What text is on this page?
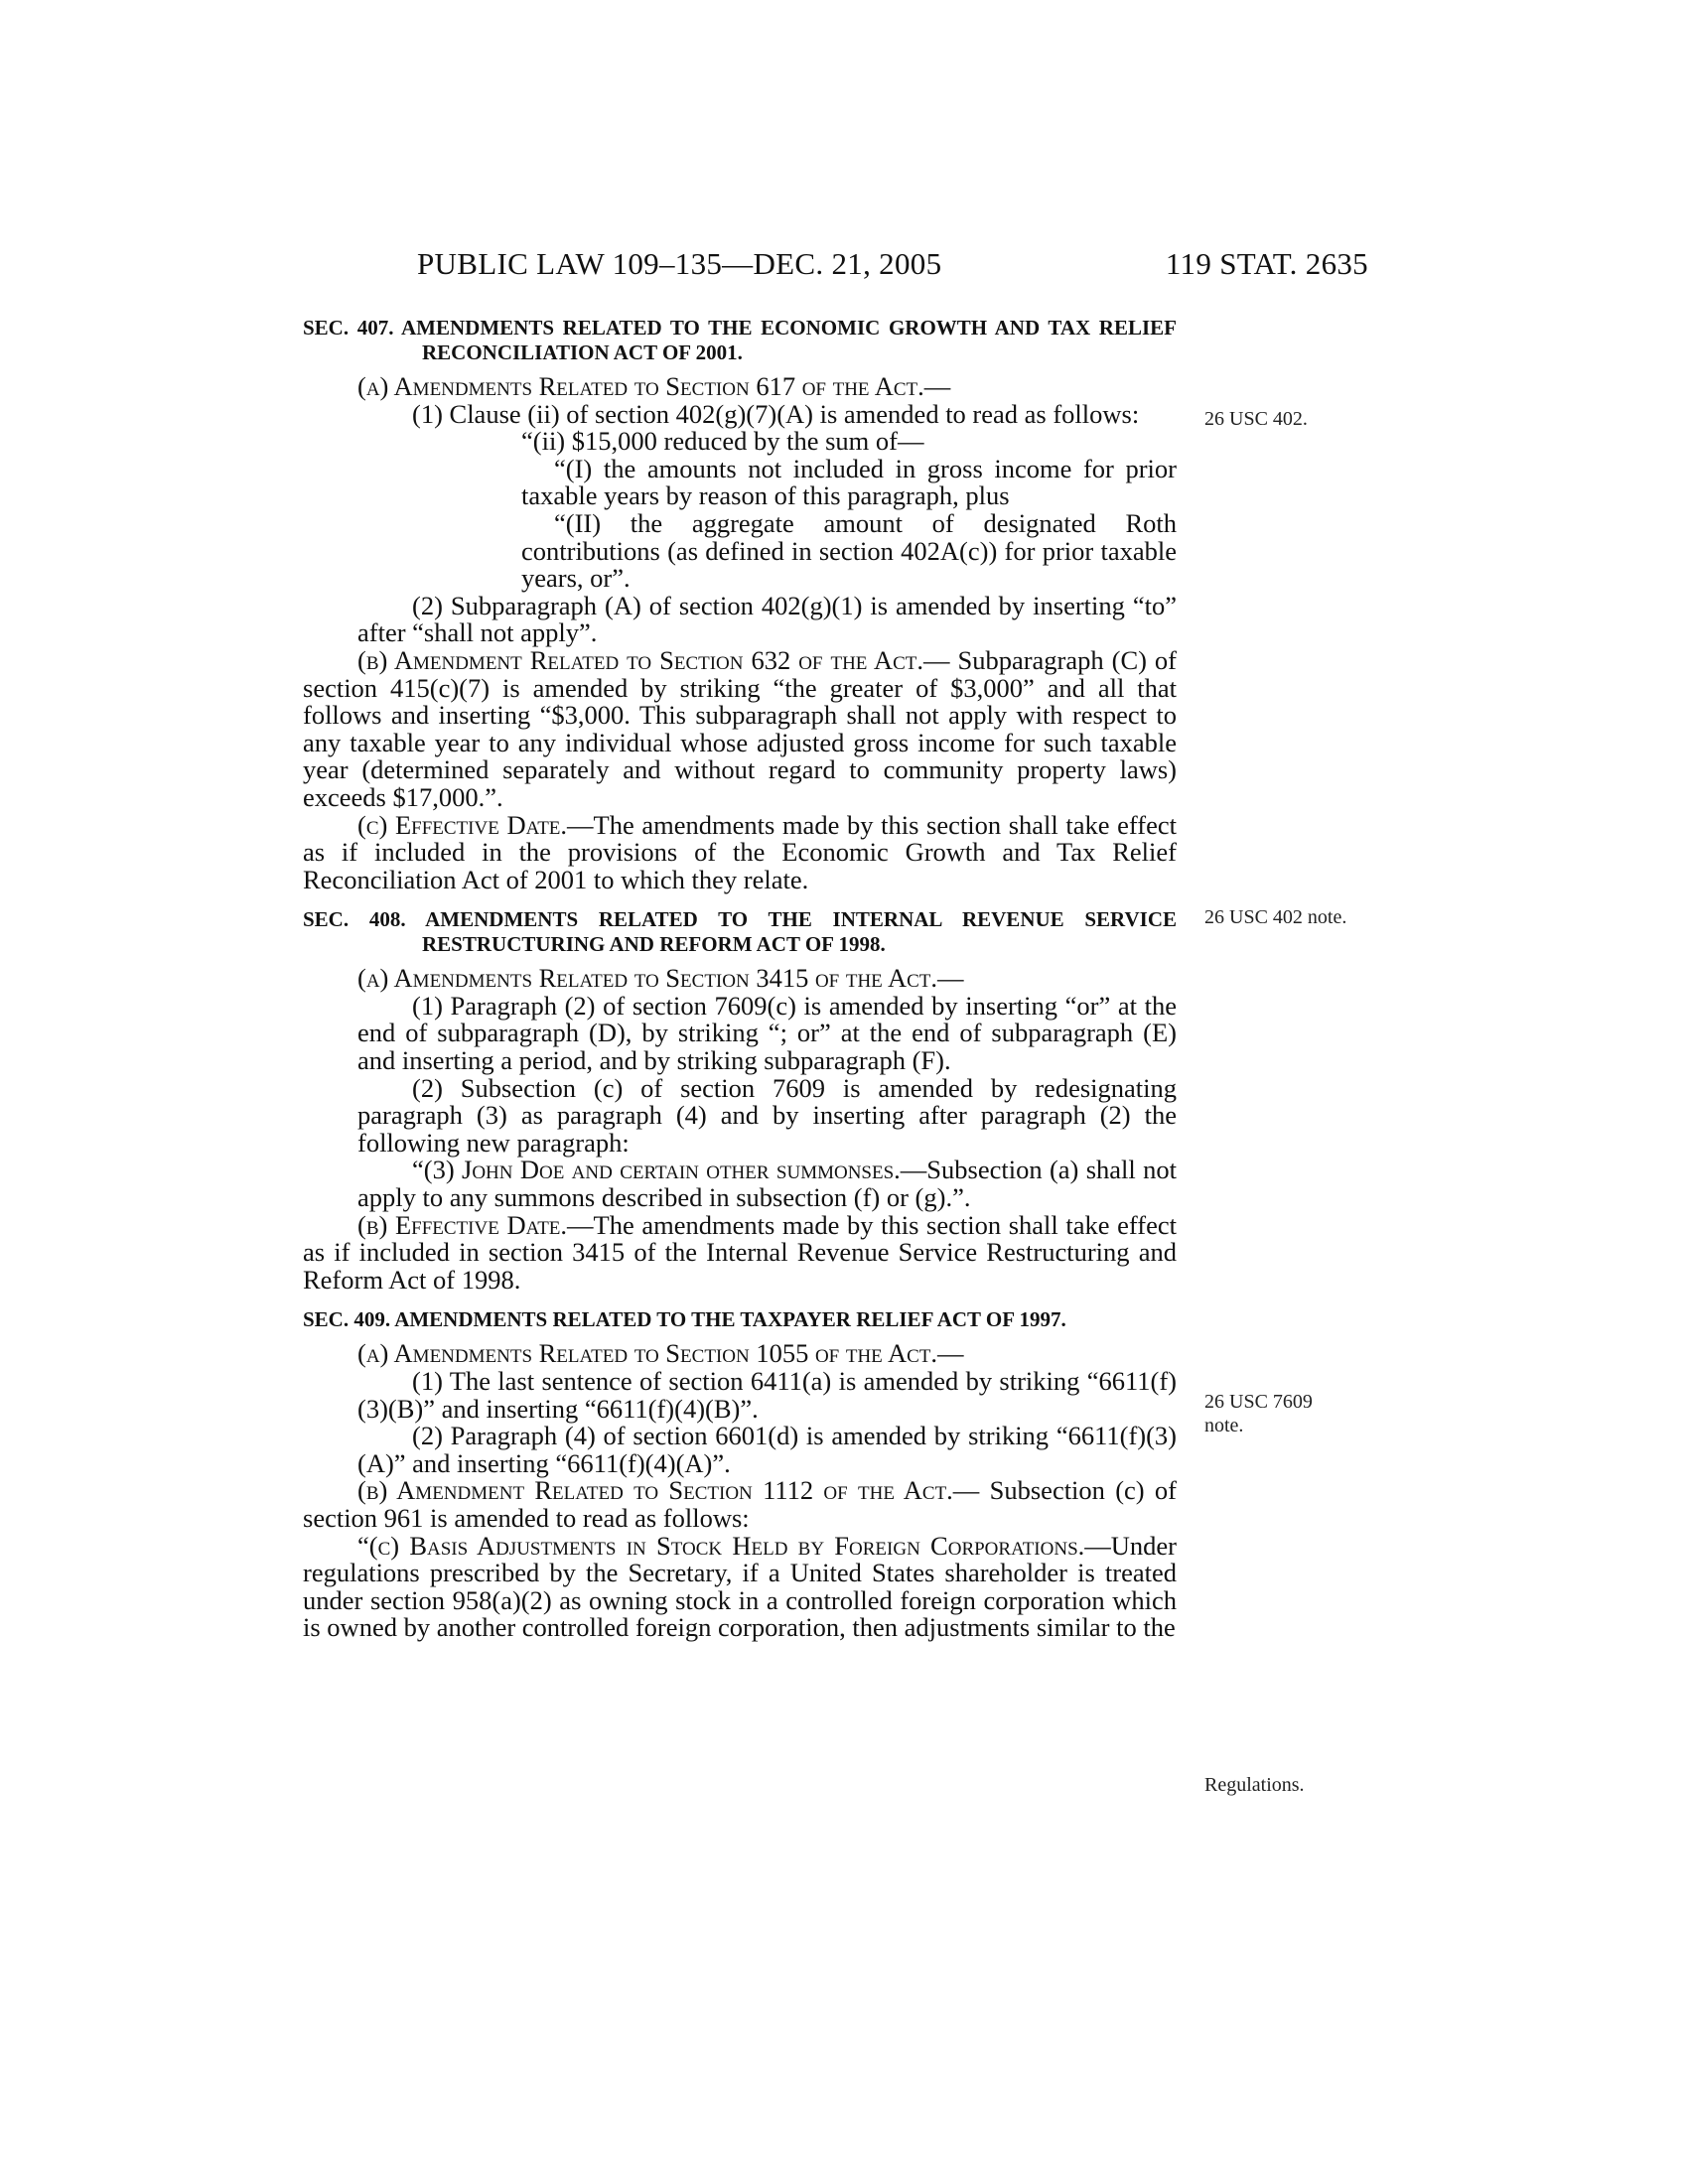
PUBLIC LAW 109–135—DEC. 21, 2005	119 STAT. 2635
SEC. 407. AMENDMENTS RELATED TO THE ECONOMIC GROWTH AND TAX RELIEF RECONCILIATION ACT OF 2001.

(a) Amendments Related to Section 617 of the Act.—

(1) Clause (ii) of section 402(g)(7)(A) is amended to read as follows:

“(ii) $15,000 reduced by the sum of—

“(I) the amounts not included in gross income for prior taxable years by reason of this paragraph, plus

“(II) the aggregate amount of designated Roth contributions (as defined in section 402A(c)) for prior taxable years, or”.

(2) Subparagraph (A) of section 402(g)(1) is amended by inserting “to” after “shall not apply”.

(b) Amendment Related to Section 632 of the Act.— Subparagraph (C) of section 415(c)(7) is amended by striking “the greater of $3,000” and all that follows and inserting “$3,000. This subparagraph shall not apply with respect to any taxable year to any individual whose adjusted gross income for such taxable year (determined separately and without regard to community property laws) exceeds $17,000.”.

(c) Effective Date.—The amendments made by this section shall take effect as if included in the provisions of the Economic Growth and Tax Relief Reconciliation Act of 2001 to which they relate.

SEC. 408. AMENDMENTS RELATED TO THE INTERNAL REVENUE SERVICE RESTRUCTURING AND REFORM ACT OF 1998.

(a) Amendments Related to Section 3415 of the Act.—

(1) Paragraph (2) of section 7609(c) is amended by inserting “or” at the end of subparagraph (D), by striking “; or” at the end of subparagraph (E) and inserting a period, and by striking subparagraph (F).

(2) Subsection (c) of section 7609 is amended by redesignating paragraph (3) as paragraph (4) and by inserting after paragraph (2) the following new paragraph:

“(3) John Doe and certain other summonses.—Subsection (a) shall not apply to any summons described in subsection (f) or (g).”.

(b) Effective Date.—The amendments made by this section shall take effect as if included in section 3415 of the Internal Revenue Service Restructuring and Reform Act of 1998.

SEC. 409. AMENDMENTS RELATED TO THE TAXPAYER RELIEF ACT OF 1997.

(a) Amendments Related to Section 1055 of the Act.—

(1) The last sentence of section 6411(a) is amended by striking “6611(f)(3)(B)” and inserting “6611(f)(4)(B)”.

(2) Paragraph (4) of section 6601(d) is amended by striking “6611(f)(3)(A)” and inserting “6611(f)(4)(A)”.

(b) Amendment Related to Section 1112 of the Act.— Subsection (c) of section 961 is amended to read as follows:

“(c) Basis Adjustments in Stock Held by Foreign Corporations.—Under regulations prescribed by the Secretary, if a United States shareholder is treated under section 958(a)(2) as owning stock in a controlled foreign corporation which is owned by another controlled foreign corporation, then adjustments similar to the

26 USC 402.
26 USC 402 note.
26 USC 7609 note.
Regulations.
